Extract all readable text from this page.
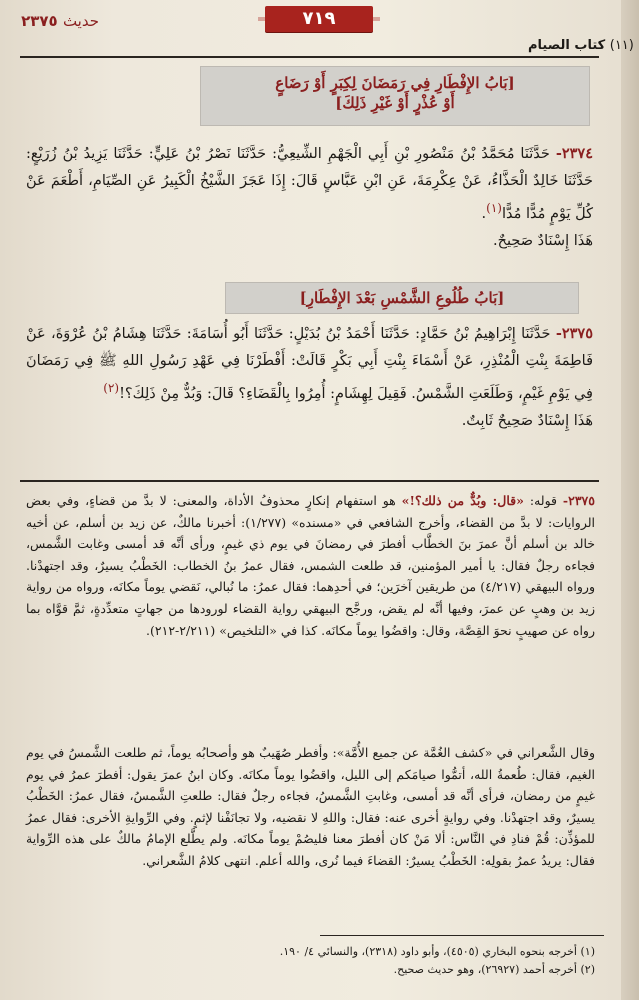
حديث ٢٣٧٥	٧١٩
(١١) كتاب الصيام
[بَابُ الإِفْطَارِ فِي رَمَضَانَ لِكِبَرٍ أَوْ رَضَاعٍ
أَوْ عُذْرٍ أَوْ غَيْرِ ذَلِكَ]
٢٣٧٤- حَدَّثَنَا مُحَمَّدُ بْنُ مَنْصُورِ بْنِ أَبِي الْجَهْمِ الشِّيعِيُّ: حَدَّثَنَا نَصْرُ بْنُ عَلِيٍّ: حَدَّثَنَا يَزِيدُ بْنُ زُرَيْعٍ: حَدَّثَنَا خَالِدٌ الْحَذَّاءُ، عَنْ عِكْرِمَةَ، عَنِ ابْنِ عَبَّاسٍ قَالَ: إِذَا عَجَزَ الشَّيْخُ الْكَبِيرُ عَنِ الصِّيَامِ، أَطْعَمَ عَنْ كُلِّ يَوْمٍ مُدًّا مُدًّا$^{(١)}$.
هَذَا إِسْنَادٌ صَحِيحٌ.
[بَابُ طُلُوعِ الشَّمْسِ بَعْدَ الإِفْطَارِ]
٢٣٧٥- حَدَّثَنَا إِبْرَاهِيمُ بْنُ حَمَّادٍ: حَدَّثَنَا أَحْمَدُ بْنُ بُدَيْلٍ: حَدَّثَنَا أَبُو أُسَامَةَ: حَدَّثَنَا هِشَامُ بْنُ عُرْوَةَ، عَنْ فَاطِمَةَ بِنْتِ الْمُنْذِرِ، عَنْ أَسْمَاءَ بِنْتِ أَبِي بَكْرٍ قَالَتْ: أَفْطَرْنَا فِي عَهْدِ رَسُولِ اللهِ ﷺ فِي رَمَضَانَ فِي يَوْمِ غَيْمٍ، وَطَلَعَتِ الشَّمْسُ. فَقِيلَ لِهِشَامٍ: أُمِرُوا بِالْقَضَاءِ؟ قَالَ: وَبُدٌّ مِنْ ذَلِكَ؟!$^{(٢)}$
هَذَا إِسْنَادٌ صَحِيحٌ ثَابِتٌ.
٢٣٧٥- قوله: «قال: وبُدٌّ من ذلك؟!» هو استفهام إنكارٍ محذوفُ الأداة، والمعنى: لا بدَّ من قضاءٍ، وفي بعض الروايات: لا بدَّ من القضاء، وأخرج الشافعي في «مسنده» (١/٢٧٧): أخبرنا مالكٌ، عن زيد بن أسلم، عن أخيه خالد بن أسلم أنَّ عمرَ بنَ الخطَّاب أفطرَ في رمضانَ في يوم ذي غيمٍ، ورأى أنَّه قد أمسى وغابت الشَّمس، فجاءه رجلٌ فقال: يا أمير المؤمنين، قد طلعت الشمس، فقال عمرُ بنُ الخطاب: الخَطْبُ يسيرٌ، وقد اجتهدْنا. ورواه البيهقي (٤/٢١٧) من طريقين آخرَين؛ في أحدِهما: فقال عمرُ: ما نُبالي، نَقضي يوماً مكانَه، ورواه من رواية زيد بن وهبٍ عن عمرَ، وفيها أنَّه لم يقض، ورجَّح البيهقي رواية القضاء لورودها من جهاتٍ متعدِّدةٍ، ثمَّ قوَّاه بما رواه عن صهيبٍ نحوَ القِصَّة، وقال: واقضُوا يوماً مكانَه. كذا في «التلخيص» (٢/٢١١-٢١٢).
وقال الشَّعراني في «كشف الغُمَّة عن جميع الأُمَّة»: وأفطر صُهَيبٌ هو وأصحابُه يوماً، ثم طلعت الشَّمسُ في يوم الغيم، فقال: طُعمةُ الله، أتمُّوا صيامَكم إلى الليل، واقضُوا يوماً مكانَه. وكان ابنُ عمرَ يقول: أفطرَ عمرُ في يوم غيمٍ من رمضان، فرأى أنَّه قد أمسى، وغابتِ الشَّمسُ، فجاءه رجلٌ فقال: طلعتِ الشَّمسُ، فقال عمرُ: الخَطْبُ يسيرٌ، وقد اجتهدْنا. وفي روايةٍ أخرى عنه: فقال: واللهِ لا نقضيه، ولا تجانَفْنا لإثمٍ. وفي الرِّوايةِ الأخرى: فقال عمرُ للمؤذِّن: قُمْ فنادِ في النَّاس: ألا مَنْ كان أفطرَ معنا فليصُمْ يوماً مكانَه. ولم يطَّلع الإمامُ مالكٌ على هذه الرِّواية فقال: يريدُ عمرُ بقولِه: الخَطْبُ يسيرٌ: القضاءَ فيما نُرى، والله أعلم. انتهى كلامُ الشَّعراني.
(١) أخرجه بنحوه البخاري (٤٥٠٥)، وأبو داود (٢٣١٨)، والنسائي ٤/ ١٩٠.
(٢) أخرجه أحمد (٢٦٩٢٧)، وهو حديث صحيح.
